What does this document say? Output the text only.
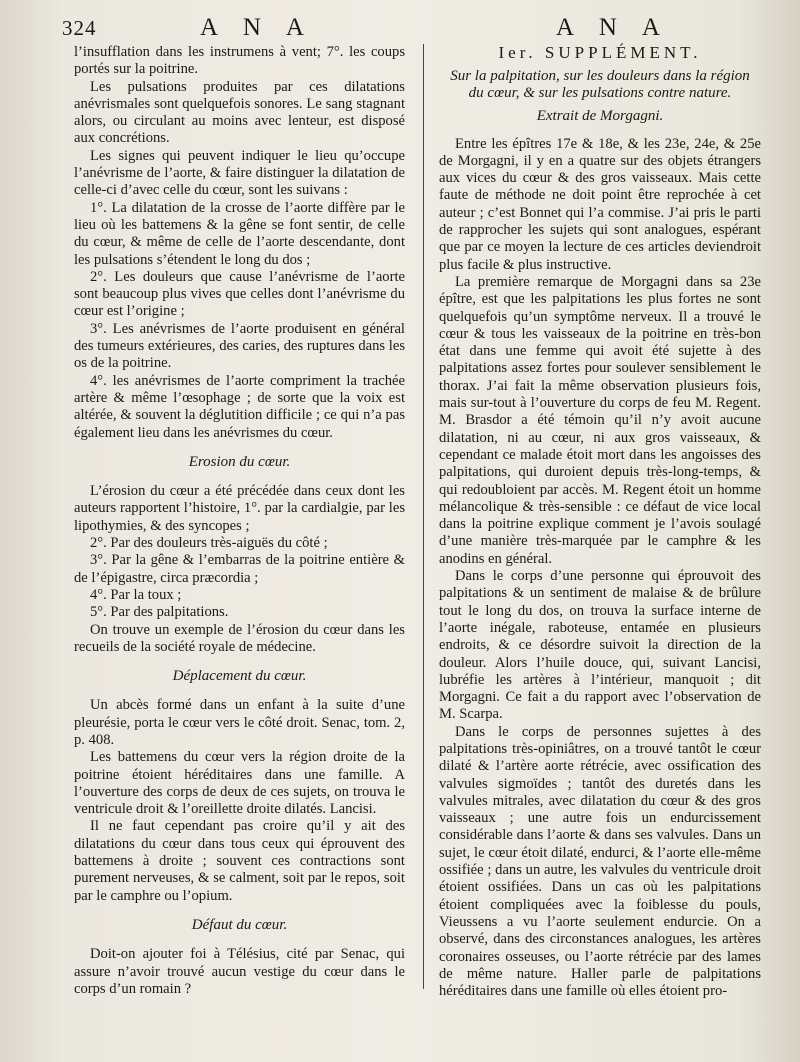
324	A N A	A N A

l’insufflation dans les instrumens à vent; 7°. les coups portés sur la poitrine.

Les pulsations produites par ces dilatations anévrismales sont quelquefois sonores. Le sang stagnant alors, ou circulant au moins avec lenteur, est disposé aux concrétions.

Les signes qui peuvent indiquer le lieu qu’occupe l’anévrisme de l’aorte, & faire distinguer la dilatation de celle-ci d’avec celle du cœur, sont les suivans :

1°. La dilatation de la crosse de l’aorte diffère par le lieu où les battemens & la gêne se font sentir, de celle du cœur, & même de celle de l’aorte descendante, dont les pulsations s’étendent le long du dos ;

2°. Les douleurs que cause l’anévrisme de l’aorte sont beaucoup plus vives que celles dont l’anévrisme du cœur est l’origine ;

3°. Les anévrismes de l’aorte produisent en général des tumeurs extérieures, des caries, des ruptures dans les os de la poitrine.

4°. les anévrismes de l’aorte compriment la trachée artère & même l’œsophage ; de sorte que la voix est altérée, & souvent la déglutition difficile ; ce qui n’a pas également lieu dans les anévrismes du cœur.

Erosion du cœur.

L’érosion du cœur a été précédée dans ceux dont les auteurs rapportent l’histoire, 1°. par la cardialgie, par les lipothymies, & des syncopes ;

2°. Par des douleurs très-aiguës du côté ;

3°. Par la gêne & l’embarras de la poitrine entière & de l’épigastre, circa præcordia ;

4°. Par la toux ;

5°. Par des palpitations.

On trouve un exemple de l’érosion du cœur dans les recueils de la société royale de médecine.

Déplacement du cœur.

Un abcès formé dans un enfant à la suite d’une pleurésie, porta le cœur vers le côté droit. Senac, tom. 2, p. 408.

Les battemens du cœur vers la région droite de la poitrine étoient héréditaires dans une famille. A l’ouverture des corps de deux de ces sujets, on trouva le ventricule droit & l’oreillette droite dilatés. Lancisi.

Il ne faut cependant pas croire qu’il y ait des dilatations du cœur dans tous ceux qui éprouvent des battemens à droite ; souvent ces contractions sont purement nerveuses, & se calment, soit par le repos, soit par le camphre ou l’opium.

Défaut du cœur.

Doit-on ajouter foi à Télésius, cité par Senac, qui assure n’avoir trouvé aucun vestige du cœur dans le corps d’un romain ?

Ier. SUPPLÉMENT.
Sur la palpitation, sur les douleurs dans la région du cœur, & sur les pulsations contre nature.
Extrait de Morgagni.

Entre les épîtres 17e & 18e, & les 23e, 24e, & 25e de Morgagni, il y en a quatre sur des objets étrangers aux vices du cœur & des gros vaisseaux. Mais cette faute de méthode ne doit point être reprochée à cet auteur ; c’est Bonnet qui l’a commise. J’ai pris le parti de rapprocher les sujets qui sont analogues, espérant que par ce moyen la lecture de ces articles deviendroit plus facile & plus instructive.

La première remarque de Morgagni dans sa 23e épître, est que les palpitations les plus fortes ne sont quelquefois qu’un symptôme nerveux. Il a trouvé le cœur & tous les vaisseaux de la poitrine en très-bon état dans une femme qui avoit été sujette à des palpitations assez fortes pour soulever sensiblement le thorax. J’ai fait la même observation plusieurs fois, mais sur-tout à l’ouverture du corps de feu M. Regent. M. Brasdor a été témoin qu’il n’y avoit aucune dilatation, ni au cœur, ni aux gros vaisseaux, & cependant ce malade étoit mort dans les angoisses des palpitations, qui duroient depuis très-long-temps, & qui redoubloient par accès. M. Regent étoit un homme mélancolique & très-sensible : ce défaut de vice local dans la poitrine explique comment je l’avois soulagé d’une manière très-marquée par le camphre & les anodins en général.

Dans le corps d’une personne qui éprouvoit des palpitations & un sentiment de malaise & de brûlure tout le long du dos, on trouva la surface interne de l’aorte inégale, raboteuse, entamée en plusieurs endroits, & ce désordre suivoit la direction de la douleur. Alors l’huile douce, qui, suivant Lancisi, lubréfie les artères à l’intérieur, manquoit ; dit Morgagni. Ce fait a du rapport avec l’observation de M. Scarpa.

Dans le corps de personnes sujettes à des palpitations très-opiniâtres, on a trouvé tantôt le cœur dilaté & l’artère aorte rétrécie, avec ossification des valvules sigmoïdes ; tantôt des duretés dans les valvules mitrales, avec dilatation du cœur & des gros vaisseaux ; une autre fois un endurcissement considérable dans l’aorte & dans ses valvules. Dans un sujet, le cœur étoit dilaté, endurci, & l’aorte elle-même ossifiée ; dans un autre, les valvules du ventricule droit étoient ossifiées. Dans un cas où les palpitations étoient compliquées avec la foiblesse du pouls, Vieussens a vu l’aorte seulement endurcie. On a observé, dans des circonstances analogues, les artères coronaires osseuses, ou l’aorte rétrécie par des lames de même nature. Haller parle de palpitations héréditaires dans une famille où elles étoient pro-
